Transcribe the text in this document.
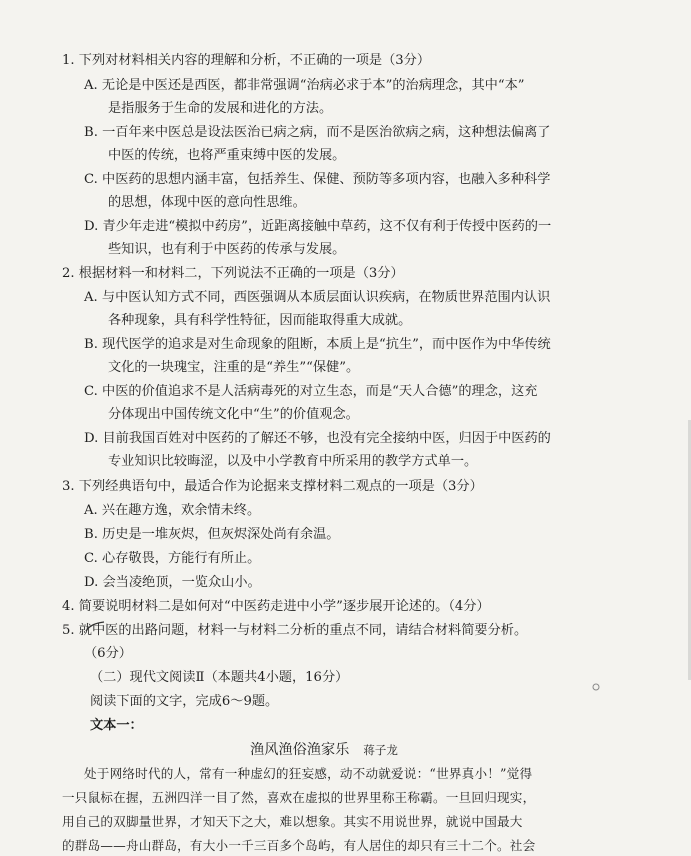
1. 下列对材料相关内容的理解和分析，不正确的一项是（3分）
A. 无论是中医还是西医，都非常强调“治病必求于本”的治病理念，其中“本”
是指服务于生命的发展和进化的方法。
B. 一百年来中医总是设法医治已病之病，而不是医治欲病之病，这种想法偏离了
中医的传统，也将严重束缚中医的发展。
C. 中医药的思想内涵丰富，包括养生、保健、预防等多项内容，也融入多种科学
的思想，体现中医的意向性思维。
D. 青少年走进“模拟中药房”，近距离接触中草药，这不仅有利于传授中医药的一
些知识，也有利于中医药的传承与发展。
2. 根据材料一和材料二，下列说法不正确的一项是（3分）
A. 与中医认知方式不同，西医强调从本质层面认识疾病，在物质世界范围内认识
各种现象，具有科学性特征，因而能取得重大成就。
B. 现代医学的追求是对生命现象的阻断，本质上是“抗生”，而中医作为中华传统
文化的一块瑰宝，注重的是“养生”“保健”。
C. 中医的价值追求不是人活病毒死的对立生态，而是“天人合德”的理念，这充
分体现出中国传统文化中“生”的价值观念。
D. 目前我国百姓对中医药的了解还不够，也没有完全接纳中医，归因于中医药的
专业知识比较晦涩，以及中小学教育中所采用的教学方式单一。
3. 下列经典语句中，最适合作为论据来支撑材料二观点的一项是（3分）
A. 兴在趣方逸，欢余情未终。
B. 历史是一堆灰烬，但灰烬深处尚有余温。
C. 心存敬畏，方能行有所止。
D. 会当凌绝顶，一览众山小。
4. 简要说明材料二是如何对“中医药走进中小学”逐步展开论述的。（4分）
5. 就中医的出路问题，材料一与材料二分析的重点不同，请结合材料简要分析。
（6分）
（二）现代文阅读Ⅱ（本题共4小题，16分）
阅读下面的文字，完成6～9题。
文本一：
渔风渔俗渔家乐 蒋子龙
处于网络时代的人，常有一种虚幻的狂妄感，动不动就爱说：“世界真小！”觉得
一只鼠标在握，五洲四洋一目了然，喜欢在虚拟的世界里称王称霸。一旦回归现实，
用自己的双脚量世界，才知天下之大，难以想象。其实不用说世界，就说中国最大
的群岛——舟山群岛，有大小一千三百多个岛屿，有人居住的却只有三十二个。社会
